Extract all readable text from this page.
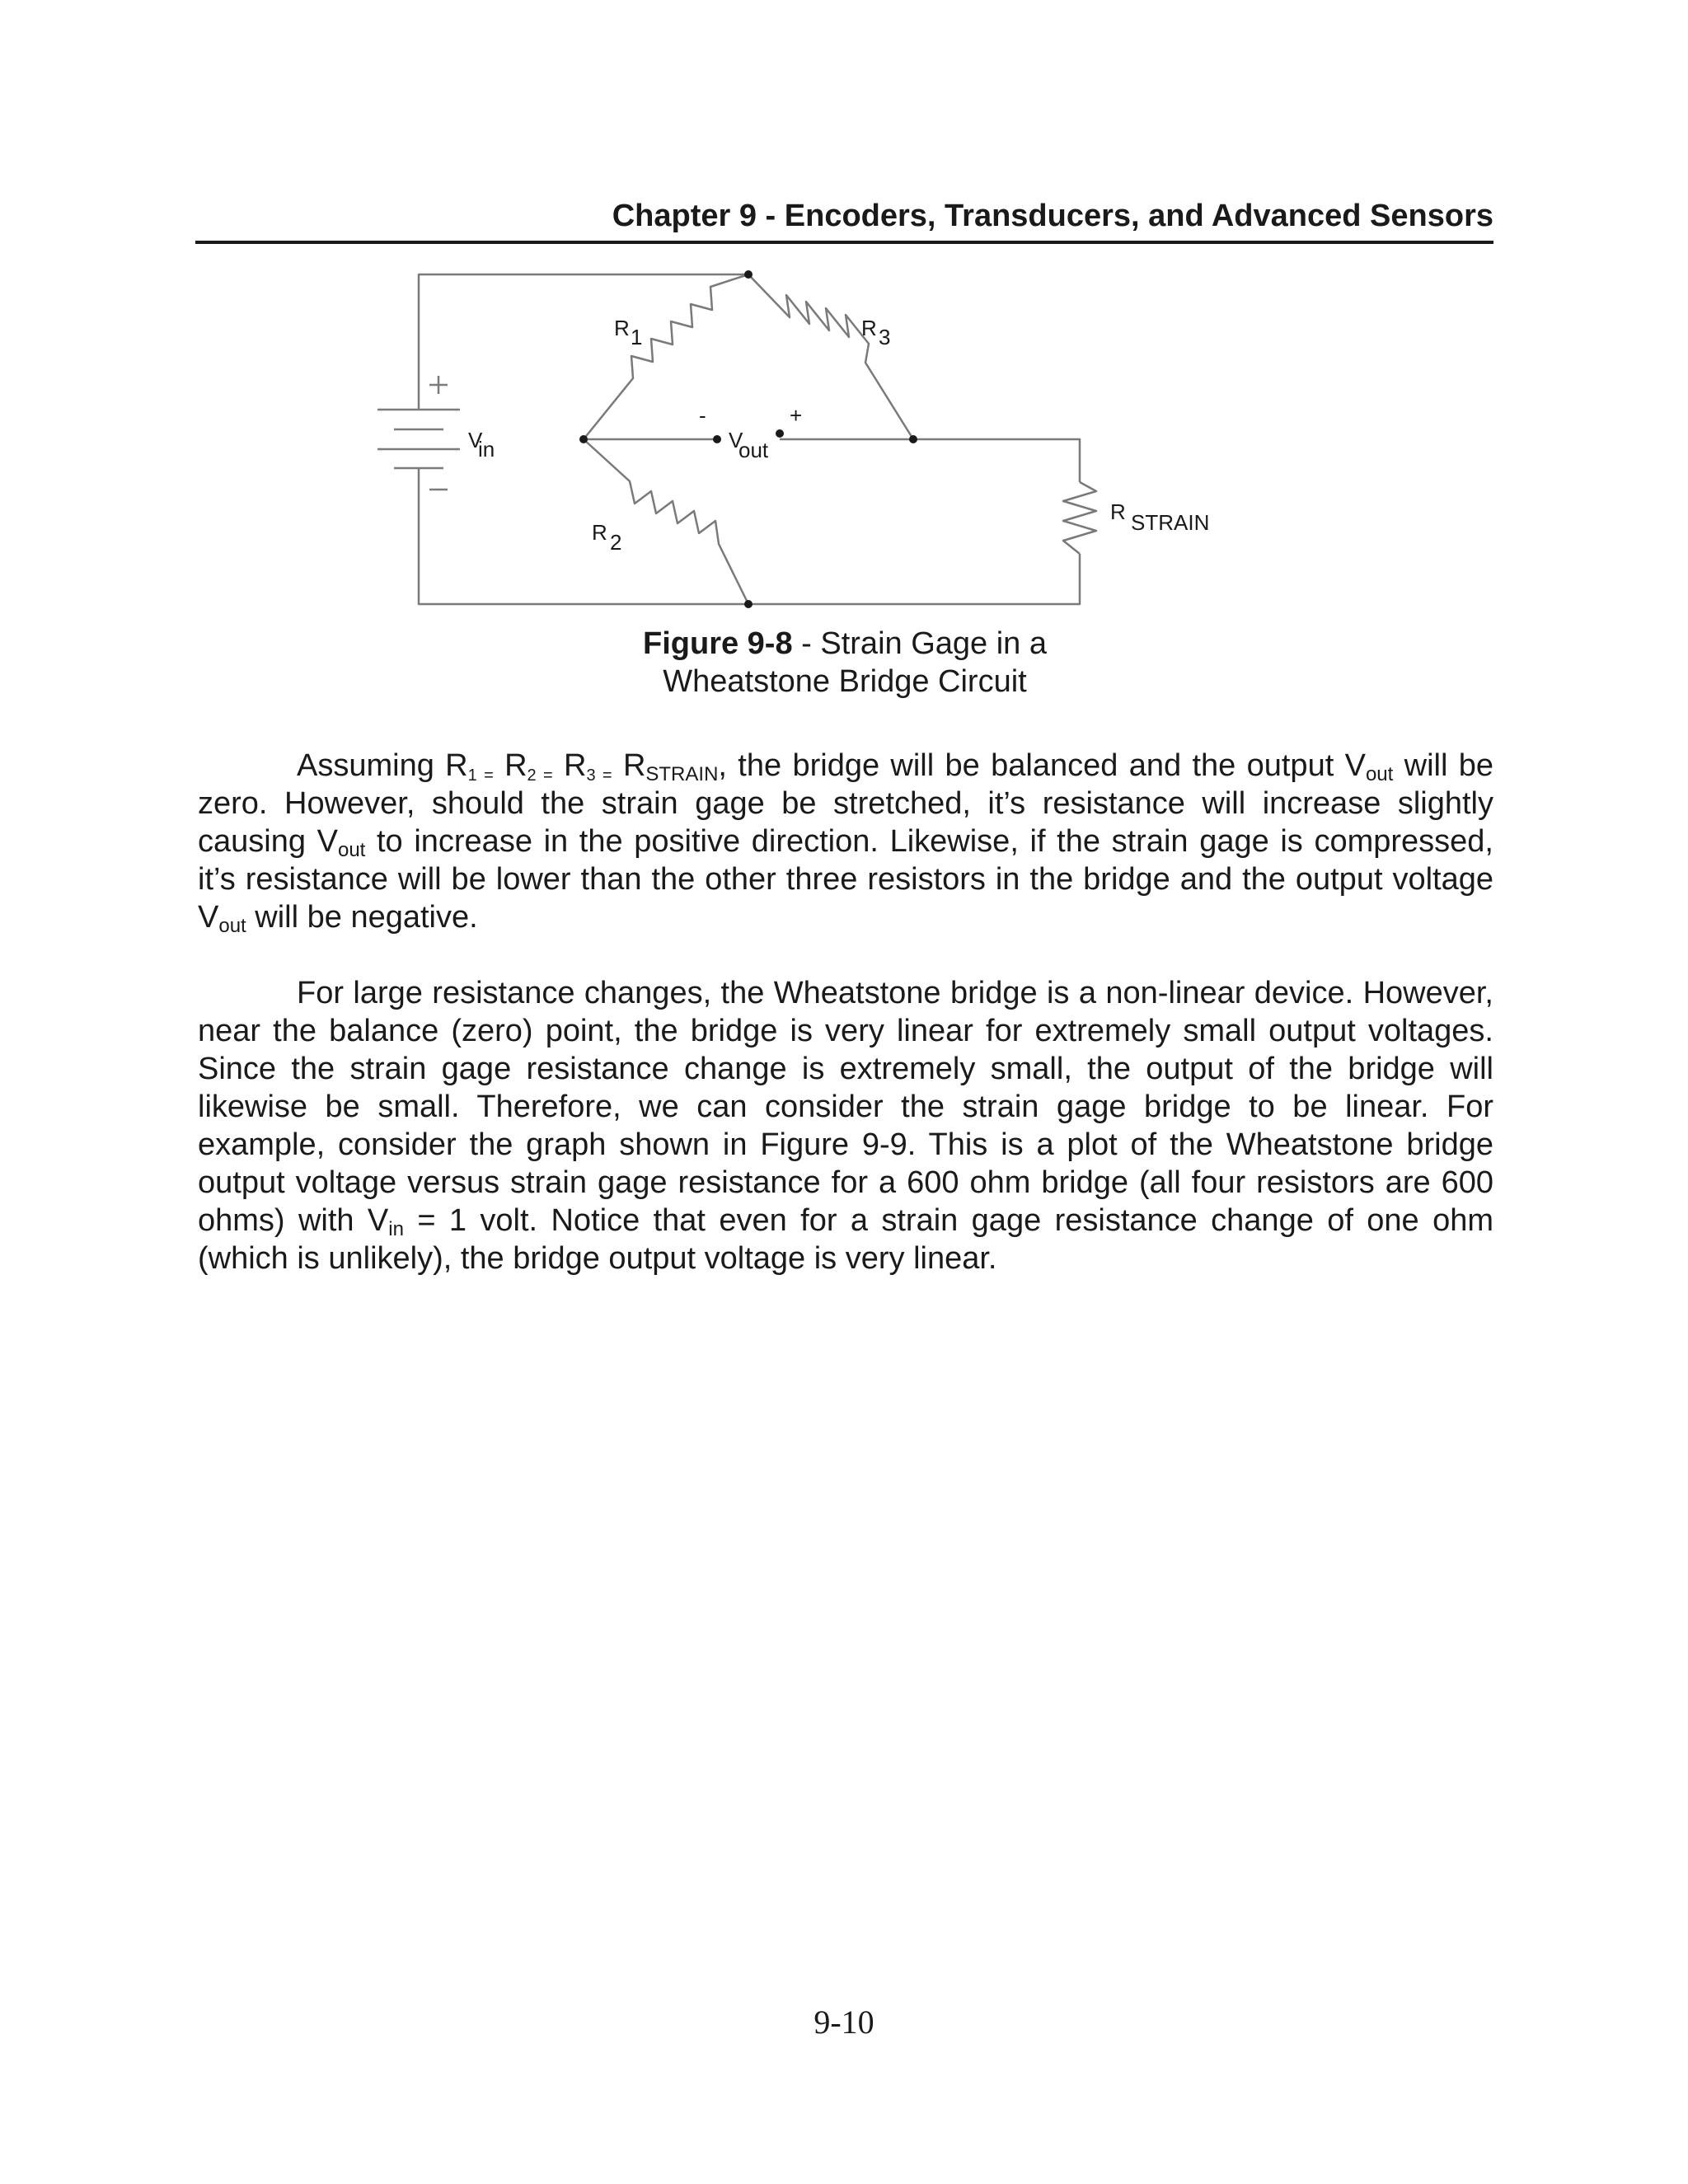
Chapter 9 - Encoders, Transducers, and Advanced Sensors
R 1	R 3
R 2
R STRAIN
V
in	V
out
-	+
Figure 9-8 - Strain Gage in a
Wheatstone Bridge Circuit

Assuming $R_{1 =}$ $R_{2 =}$ $R_{3 =}$ $R_{STRAIN}$, the bridge will be balanced and the output $V_{out}$ will be zero. However, should the strain gage be stretched, it’s resistance will increase slightly causing $V_{out}$ to increase in the positive direction. Likewise, if the strain gage is compressed, it’s resistance will be lower than the other three resistors in the bridge and the output voltage $V_{out}$ will be negative.

For large resistance changes, the Wheatstone bridge is a non-linear device. However, near the balance (zero) point, the bridge is very linear for extremely small output voltages. Since the strain gage resistance change is extremely small, the output of the bridge will likewise be small. Therefore, we can consider the strain gage bridge to be linear. For example, consider the graph shown in Figure 9-9. This is a plot of the Wheatstone bridge output voltage versus strain gage resistance for a 600 ohm bridge (all four resistors are 600 ohms) with $V_{in} = 1$ volt. Notice that even for a strain gage resistance change of one ohm (which is unlikely), the bridge output voltage is very linear.

9-10
